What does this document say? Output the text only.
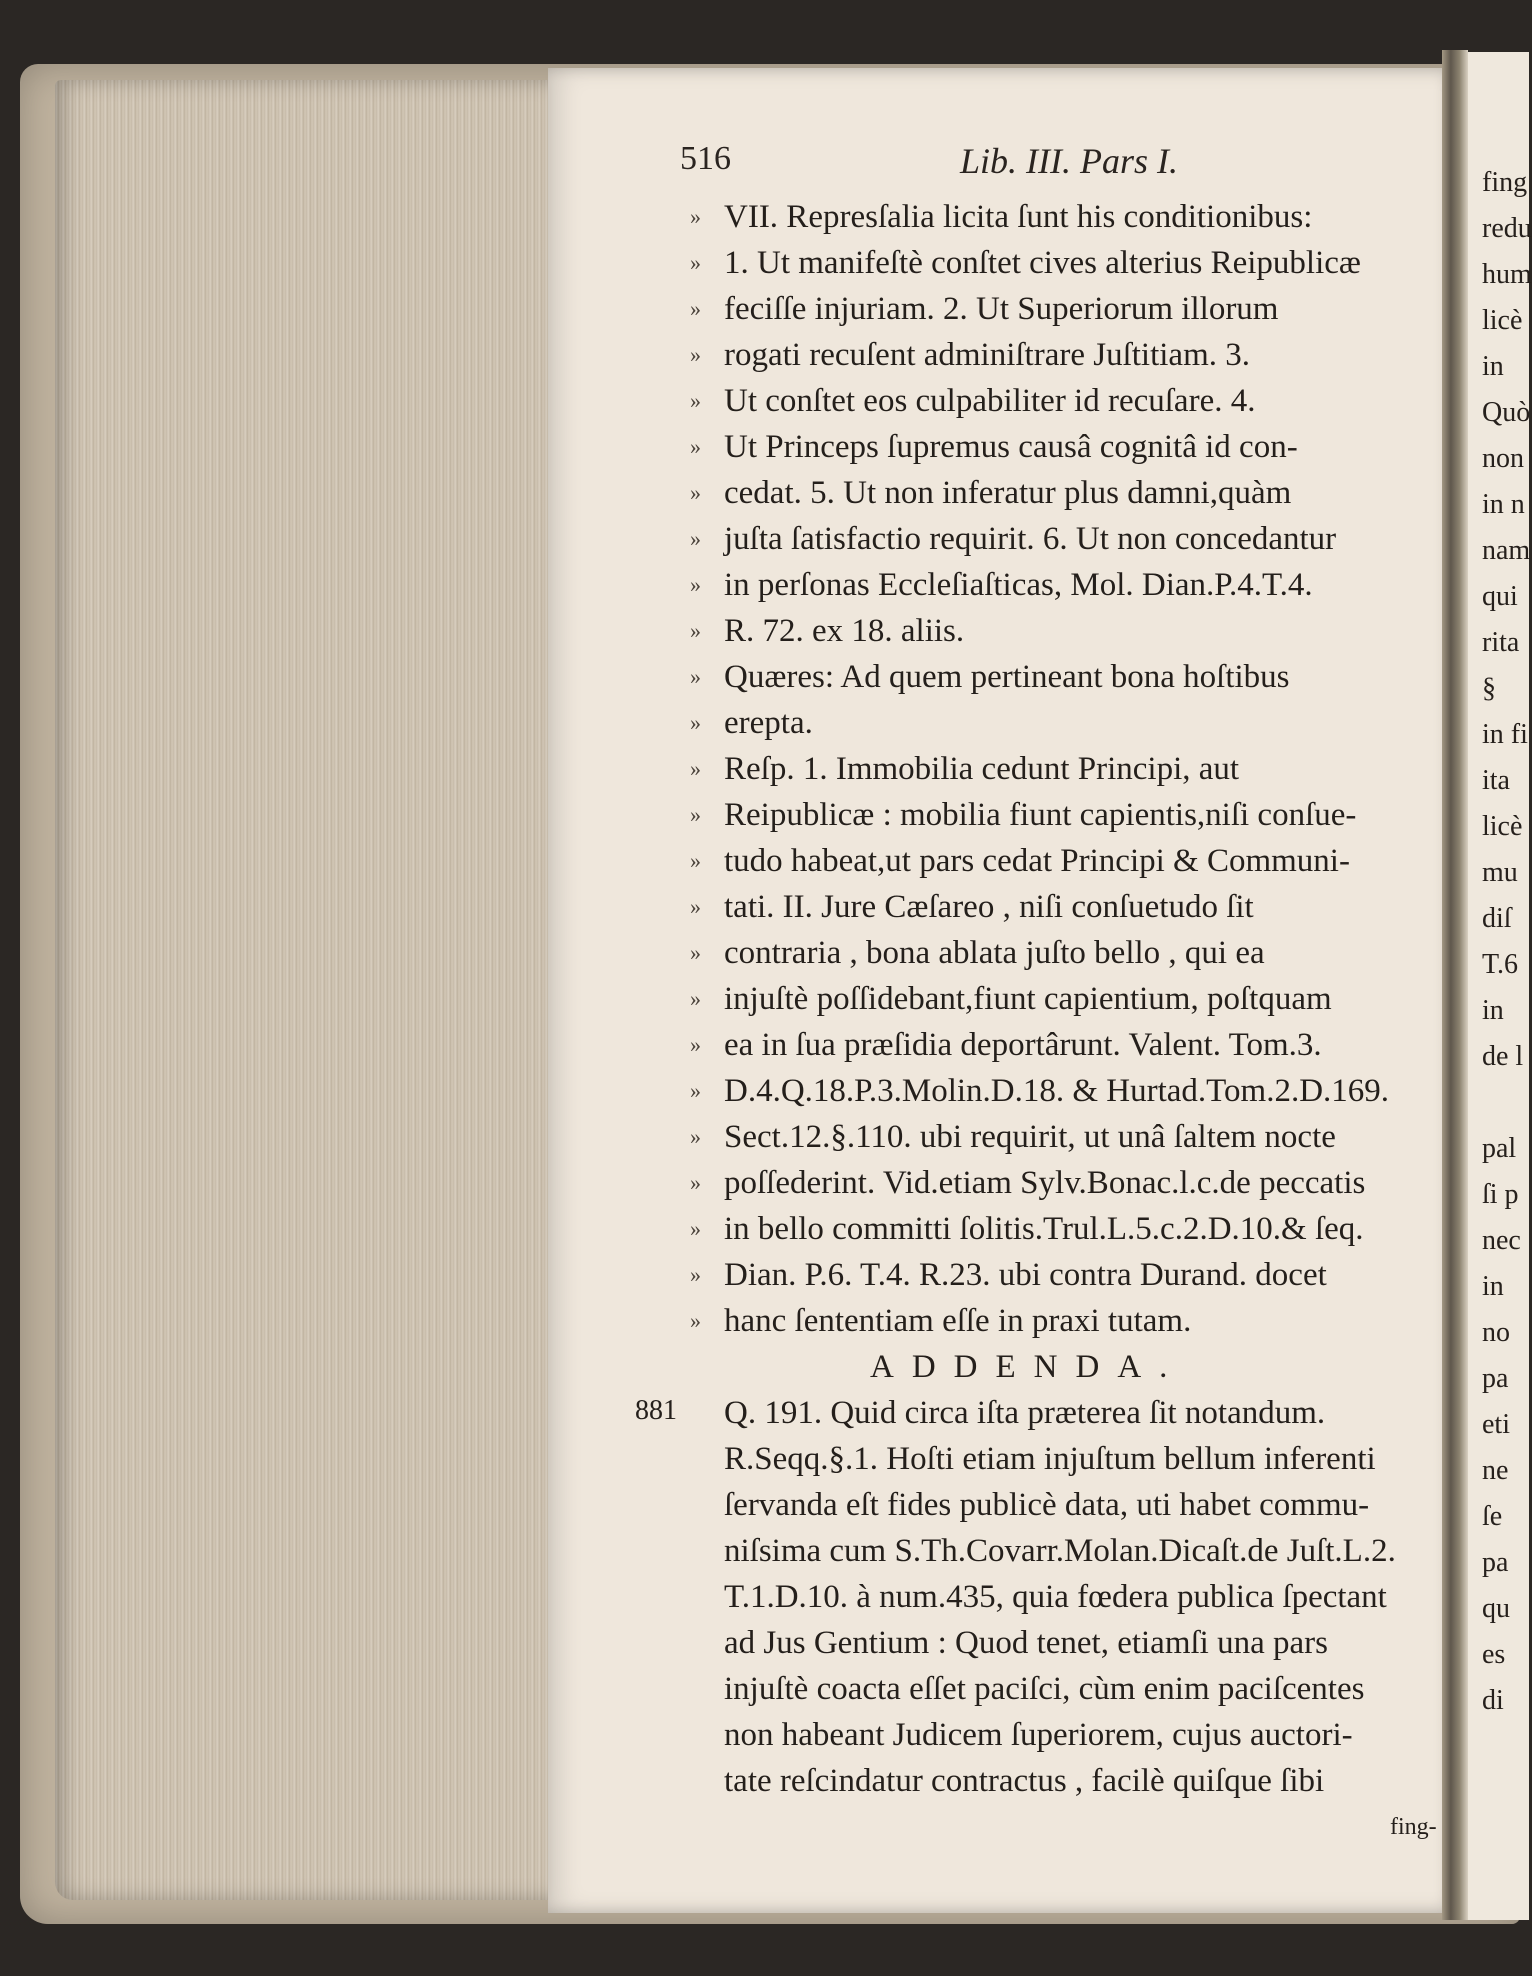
516	Lib. III. Pars I.
» VII. Represſalia licita ſunt his conditionibus:
» 1. Ut manifeſtè conſtet cives alterius Reipublicæ
» feciſſe injuriam. 2. Ut Superiorum illorum
» rogati recuſent adminiſtrare Juſtitiam. 3.
» Ut conſtet eos culpabiliter id recuſare. 4.
» Ut Princeps ſupremus causâ cognitâ id con-
» cedat. 5. Ut non inferatur plus damni,quàm
» juſta ſatisfactio requirit. 6. Ut non concedantur
» in perſonas Eccleſiaſticas, Mol. Dian.P.4.T.4.
» R. 72. ex 18. aliis.
» Quæres: Ad quem pertineant bona hoſtibus
» erepta.
» Reſp. 1. Immobilia cedunt Principi, aut
» Reipublicæ : mobilia fiunt capientis,niſi conſue-
» tudo habeat,ut pars cedat Principi & Communi-
» tati. II. Jure Cæſareo , niſi conſuetudo ſit
» contraria , bona ablata juſto bello , qui ea
» injuſtè poſſidebant,fiunt capientium, poſtquam
» ea in ſua præſidia deportârunt. Valent. Tom.3.
» D.4.Q.18.P.3.Molin.D.18. & Hurtad.Tom.2.D.169.
» Sect.12.§.110. ubi requirit, ut unâ ſaltem nocte
» poſſederint. Vid.etiam Sylv.Bonac.l.c.de peccatis
» in bello committi ſolitis.Trul.L.5.c.2.D.10.& ſeq.
» Dian. P.6. T.4. R.23. ubi contra Durand. docet
» hanc ſententiam eſſe in praxi tutam.
ADDENDA.
881 Q. 191. Quid circa iſta præterea ſit notandum.
R.Seqq.§.1. Hoſti etiam injuſtum bellum inferenti
ſervanda eſt fides publicè data, uti habet commu-
niſsima cum S.Th.Covarr.Molan.Dicaſt.de Juſt.L.2.
T.1.D.10. à num.435, quia fœdera publica ſpectant
ad Jus Gentium : Quod tenet, etiamſi una pars
injuſtè coacta eſſet paciſci, cùm enim paciſcentes
non habeant Judicem ſuperiorem, cujus auctori-
tate reſcindatur contractus , facilè quiſque ſibi
fing-
fing
redu
hum
licè
in
Quò
non
in n
nam
qui
rita
§
in fi
ita
licè
mu
diſ
T.6
in
de l
pal
ſi p
nec
in
no
pa
eti
ne
ſe
pa
qu
es
di
